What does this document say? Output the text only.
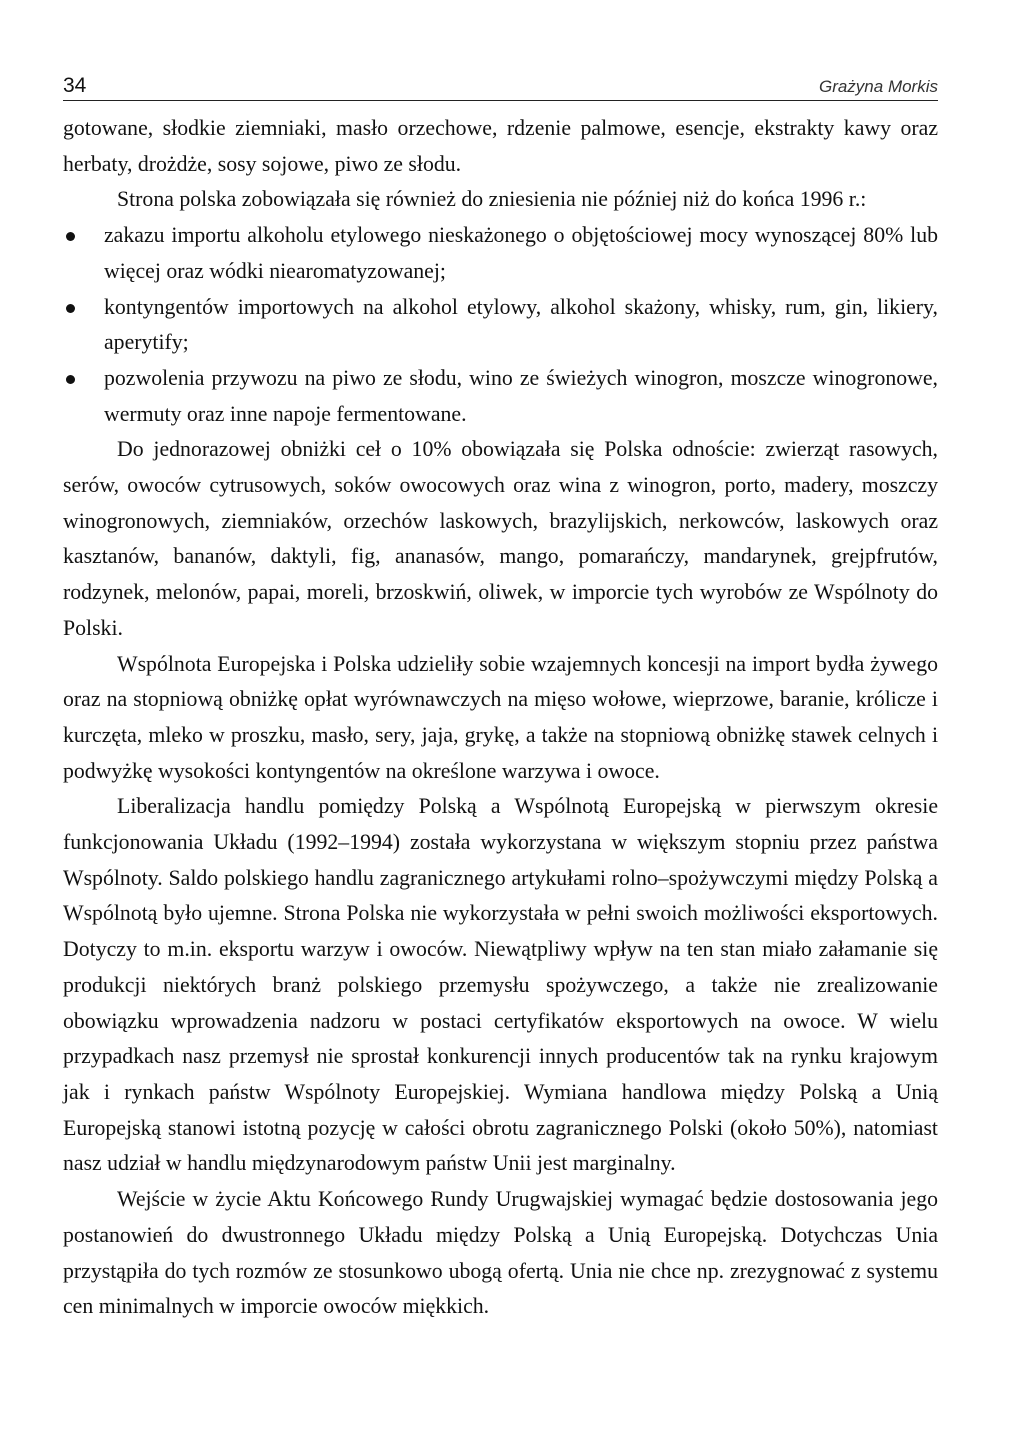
34	Grażyna Morkis

gotowane, słodkie ziemniaki, masło orzechowe, rdzenie palmowe, esencje, ekstrakty kawy oraz herbaty, drożdże, sosy sojowe, piwo ze słodu.

Strona polska zobowiązała się również do zniesienia nie później niż do końca 1996 r.:

zakazu importu alkoholu etylowego nieskażonego o objętościowej mocy wynoszącej 80% lub więcej oraz wódki niearomatyzowanej;
kontyngentów importowych na alkohol etylowy, alkohol skażony, whisky, rum, gin, likiery, aperytify;
pozwolenia przywozu na piwo ze słodu, wino ze świeżych winogron, moszcze winogronowe, wermuty oraz inne napoje fermentowane.

Do jednorazowej obniżki ceł o 10% obowiązała się Polska odnoście: zwierząt rasowych, serów, owoców cytrusowych, soków owocowych oraz wina z winogron, porto, madery, moszczy winogronowych, ziemniaków, orzechów laskowych, brazylijskich, nerkowców, laskowych oraz kasztanów, bananów, daktyli, fig, ananasów, mango, pomarańczy, mandarynek, grejpfrutów, rodzynek, melonów, papai, moreli, brzoskwiń, oliwek, w imporcie tych wyrobów ze Wspólnoty do Polski.

Wspólnota Europejska i Polska udzieliły sobie wzajemnych koncesji na import bydła żywego oraz na stopniową obniżkę opłat wyrównawczych na mięso wołowe, wieprzowe, baranie, królicze i kurczęta, mleko w proszku, masło, sery, jaja, grykę, a także na stopniową obniżkę stawek celnych i podwyżkę wysokości kontyngentów na określone warzywa i owoce.

Liberalizacja handlu pomiędzy Polską a Wspólnotą Europejską w pierwszym okresie funkcjonowania Układu (1992–1994) została wykorzystana w większym stopniu przez państwa Wspólnoty. Saldo polskiego handlu zagranicznego artykułami rolno–spożywczymi między Polską a Wspólnotą było ujemne. Strona Polska nie wykorzystała w pełni swoich możliwości eksportowych. Dotyczy to m.in. eksportu warzyw i owoców. Niewątpliwy wpływ na ten stan miało załamanie się produkcji niektórych branż polskiego przemysłu spożywczego, a także nie zrealizowanie obowiązku wprowadzenia nadzoru w postaci certyfikatów eksportowych na owoce. W wielu przypadkach nasz przemysł nie sprostał konkurencji innych producentów tak na rynku krajowym jak i rynkach państw Wspólnoty Europejskiej. Wymiana handlowa między Polską a Unią Europejską stanowi istotną pozycję w całości obrotu zagranicznego Polski (około 50%), natomiast nasz udział w handlu międzynarodowym państw Unii jest marginalny.

Wejście w życie Aktu Końcowego Rundy Urugwajskiej wymagać będzie dostosowania jego postanowień do dwustronnego Układu między Polską a Unią Europejską. Dotychczas Unia przystąpiła do tych rozmów ze stosunkowo ubogą ofertą. Unia nie chce np. zrezygnować z systemu cen minimalnych w imporcie owoców miękkich.
